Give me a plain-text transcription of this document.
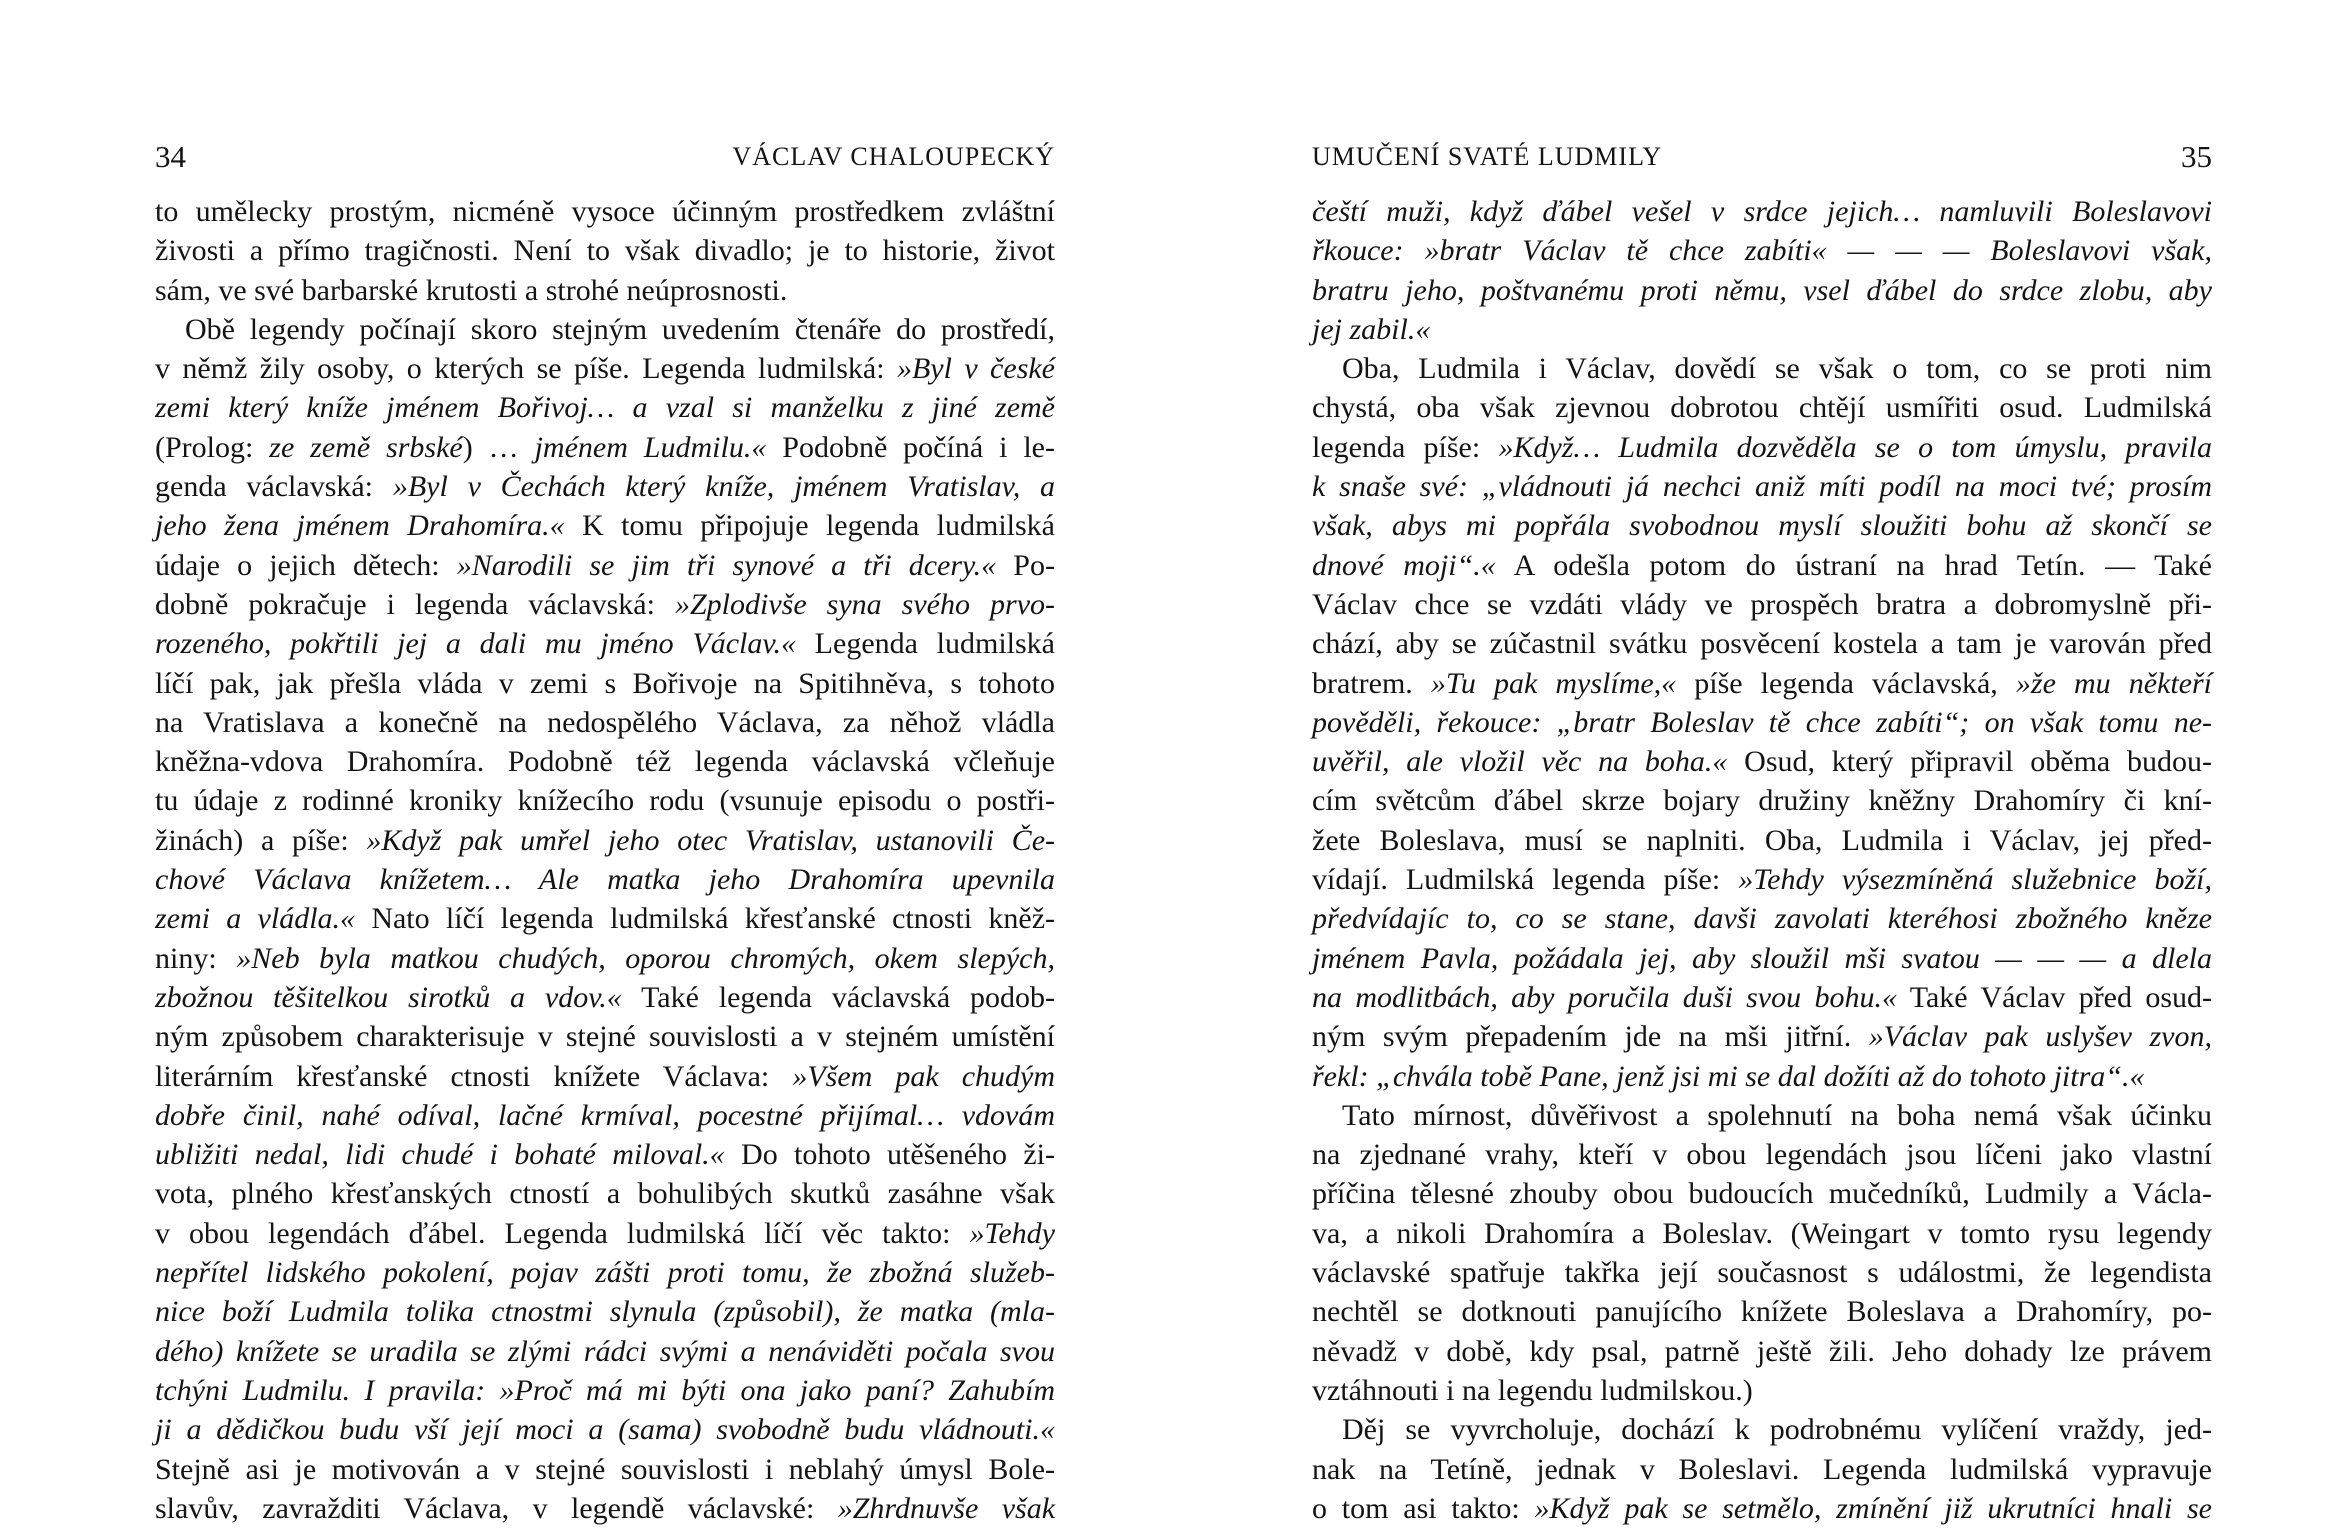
34	VÁCLAV CHALOUPECKÝ
to umělecky prostým, nicméně vysoce účinným prostředkem zvláštní
živosti a přímo tragičnosti. Není to však divadlo; je to historie, život
sám, ve své barbarské krutosti a strohé neúprosnosti.
Obě legendy počínají skoro stejným uvedením čtenáře do prostředí,
v němž žily osoby, o kterých se píše. Legenda ludmilská: »Byl v české
zemi který kníže jménem Bořivoj… a vzal si manželku z jiné země
(Prolog: ze země srbské) … jménem Ludmilu.« Podobně počíná i le-
genda václavská: »Byl v Čechách který kníže, jménem Vratislav, a
jeho žena jménem Drahomíra.« K tomu připojuje legenda ludmilská
údaje o jejich dětech: »Narodili se jim tři synové a tři dcery.« Po-
dobně pokračuje i legenda václavská: »Zplodivše syna svého prvo-
rozeného, pokřtili jej a dali mu jméno Václav.« Legenda ludmilská
líčí pak, jak přešla vláda v zemi s Bořivoje na Spitihněva, s tohoto
na Vratislava a konečně na nedospělého Václava, za něhož vládla
kněžna-vdova Drahomíra. Podobně též legenda václavská včleňuje
tu údaje z rodinné kroniky knížecího rodu (vsunuje episodu o postři-
žinách) a píše: »Když pak umřel jeho otec Vratislav, ustanovili Če-
chové Václava knížetem… Ale matka jeho Drahomíra upevnila
zemi a vládla.« Nato líčí legenda ludmilská křesťanské ctnosti kněž-
niny: »Neb byla matkou chudých, oporou chromých, okem slepých,
zbožnou těšitelkou sirotků a vdov.« Také legenda václavská podob-
ným způsobem charakterisuje v stejné souvislosti a v stejném umístění
literárním křesťanské ctnosti knížete Václava: »Všem pak chudým
dobře činil, nahé odíval, lačné krmíval, pocestné přijímal… vdovám
ubližiti nedal, lidi chudé i bohaté miloval.« Do tohoto utěšeného ži-
vota, plného křesťanských ctností a bohulibých skutků zasáhne však
v obou legendách ďábel. Legenda ludmilská líčí věc takto: »Tehdy
nepřítel lidského pokolení, pojav zášti proti tomu, že zbožná služeb-
nice boží Ludmila tolika ctnostmi slynula (způsobil), že matka (mla-
dého) knížete se uradila se zlými rádci svými a nenáviděti počala svou
tchýni Ludmilu. I pravila: »Proč má mi býti ona jako paní? Zahubím
ji a dědičkou budu vší její moci a (sama) svobodně budu vládnouti.«
Stejně asi je motivován a v stejné souvislosti i neblahý úmysl Bole-
slavův, zavražditi Václava, v legendě václavské: »Zhrdnuvše však
UMUČENÍ SVATÉ LUDMILY	35
čeští muži, když ďábel vešel v srdce jejich… namluvili Boleslavovi
řkouce: »bratr Václav tě chce zabíti« — — — Boleslavovi však,
bratru jeho, poštvanému proti němu, vsel ďábel do srdce zlobu, aby
jej zabil.«
Oba, Ludmila i Václav, dovědí se však o tom, co se proti nim
chystá, oba však zjevnou dobrotou chtějí usmířiti osud. Ludmilská
legenda píše: »Když… Ludmila dozvěděla se o tom úmyslu, pravila
k snaše své: „vládnouti já nechci aniž míti podíl na moci tvé; prosím
však, abys mi popřála svobodnou myslí sloužiti bohu až skončí se
dnové moji“.« A odešla potom do ústraní na hrad Tetín. — Také
Václav chce se vzdáti vlády ve prospěch bratra a dobromyslně při-
chází, aby se zúčastnil svátku posvěcení kostela a tam je varován před
bratrem. »Tu pak myslíme,« píše legenda václavská, »že mu někteří
pověděli, řekouce: „bratr Boleslav tě chce zabíti“; on však tomu ne-
uvěřil, ale vložil věc na boha.« Osud, který připravil oběma budou-
cím světcům ďábel skrze bojary družiny kněžny Drahomíry či kní-
žete Boleslava, musí se naplniti. Oba, Ludmila i Václav, jej před-
vídají. Ludmilská legenda píše: »Tehdy výsezmíněná služebnice boží,
předvídajíc to, co se stane, davši zavolati kteréhosi zbožného kněze
jménem Pavla, požádala jej, aby sloužil mši svatou — — — a dlela
na modlitbách, aby poručila duši svou bohu.« Také Václav před osud-
ným svým přepadením jde na mši jitřní. »Václav pak uslyšev zvon,
řekl: „chvála tobě Pane, jenž jsi mi se dal dožíti až do tohoto jitra“.«
Tato mírnost, důvěřivost a spolehnutí na boha nemá však účinku
na zjednané vrahy, kteří v obou legendách jsou líčeni jako vlastní
příčina tělesné zhouby obou budoucích mučedníků, Ludmily a Václa-
va, a nikoli Drahomíra a Boleslav. (Weingart v tomto rysu legendy
václavské spatřuje takřka její současnost s událostmi, že legendista
nechtěl se dotknouti panujícího knížete Boleslava a Drahomíry, po-
něvadž v době, kdy psal, patrně ještě žili. Jeho dohady lze právem
vztáhnouti i na legendu ludmilskou.)
Děj se vyvrcholuje, dochází k podrobnému vylíčení vraždy, jed-
nak na Tetíně, jednak v Boleslavi. Legenda ludmilská vypravuje
o tom asi takto: »Když pak se setmělo, zmínění již ukrutníci hnali se
